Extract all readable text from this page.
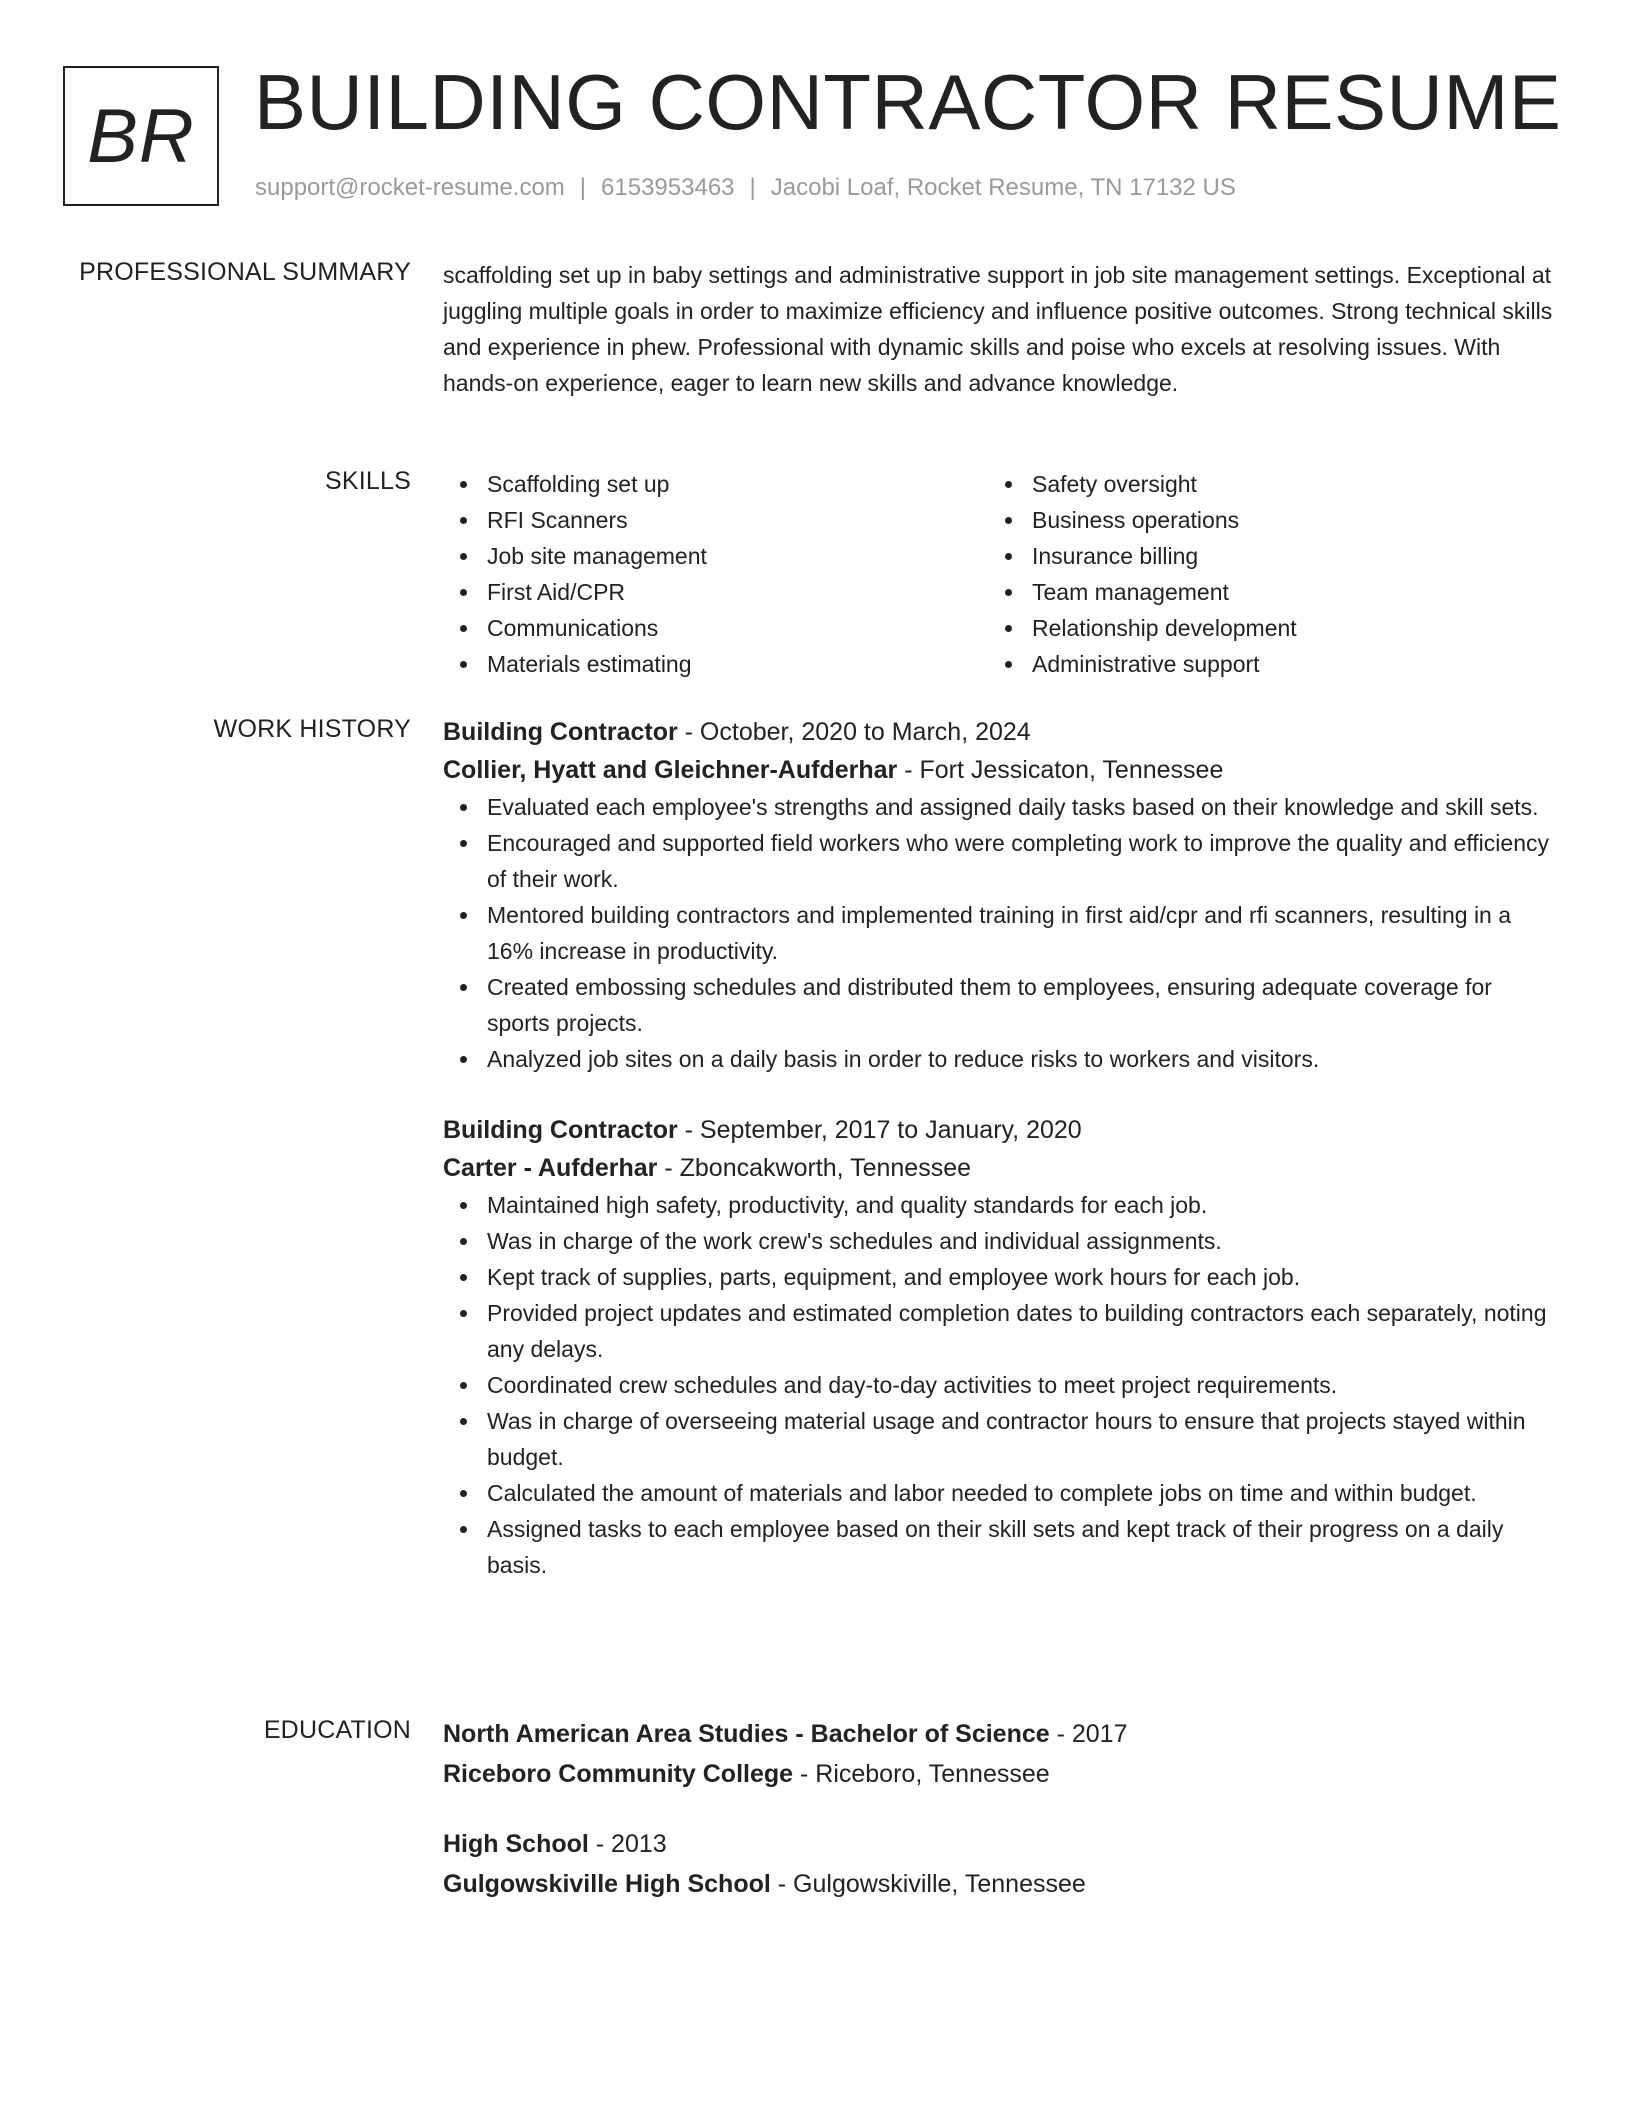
BR BUILDING CONTRACTOR RESUME
support@rocket-resume.com | 6153953463 | Jacobi Loaf, Rocket Resume, TN 17132 US
PROFESSIONAL SUMMARY scaffolding set up in baby settings and administrative support in job site management settings. Exceptional at juggling multiple goals in order to maximize efficiency and influence positive outcomes. Strong technical skills and experience in phew. Professional with dynamic skills and poise who excels at resolving issues. With hands-on experience, eager to learn new skills and advance knowledge.
SKILLS	Scaffolding set up
RFI Scanners
Job site management
First Aid/CPR
Communications
Materials estimating
Safety oversight
Business operations
Insurance billing
Team management
Relationship development
Administrative support
WORK HISTORY Building Contractor - October, 2020 to March, 2024
Collier, Hyatt and Gleichner-Aufderhar - Fort Jessicaton, Tennessee
Evaluated each employee's strengths and assigned daily tasks based on their knowledge and skill sets.
Encouraged and supported field workers who were completing work to improve the quality and efficiency of their work.
Mentored building contractors and implemented training in first aid/cpr and rfi scanners, resulting in a 16% increase in productivity.
Created embossing schedules and distributed them to employees, ensuring adequate coverage for sports projects.
Analyzed job sites on a daily basis in order to reduce risks to workers and visitors.
Building Contractor - September, 2017 to January, 2020
Carter - Aufderhar - Zboncakworth, Tennessee
Maintained high safety, productivity, and quality standards for each job.
Was in charge of the work crew's schedules and individual assignments.
Kept track of supplies, parts, equipment, and employee work hours for each job.
Provided project updates and estimated completion dates to building contractors each separately, noting any delays.
Coordinated crew schedules and day-to-day activities to meet project requirements.
Was in charge of overseeing material usage and contractor hours to ensure that projects stayed within budget.
Calculated the amount of materials and labor needed to complete jobs on time and within budget.
Assigned tasks to each employee based on their skill sets and kept track of their progress on a daily basis.
EDUCATION North American Area Studies - Bachelor of Science - 2017
Riceboro Community College - Riceboro, Tennessee
High School - 2013
Gulgowskiville High School - Gulgowskiville, Tennessee
